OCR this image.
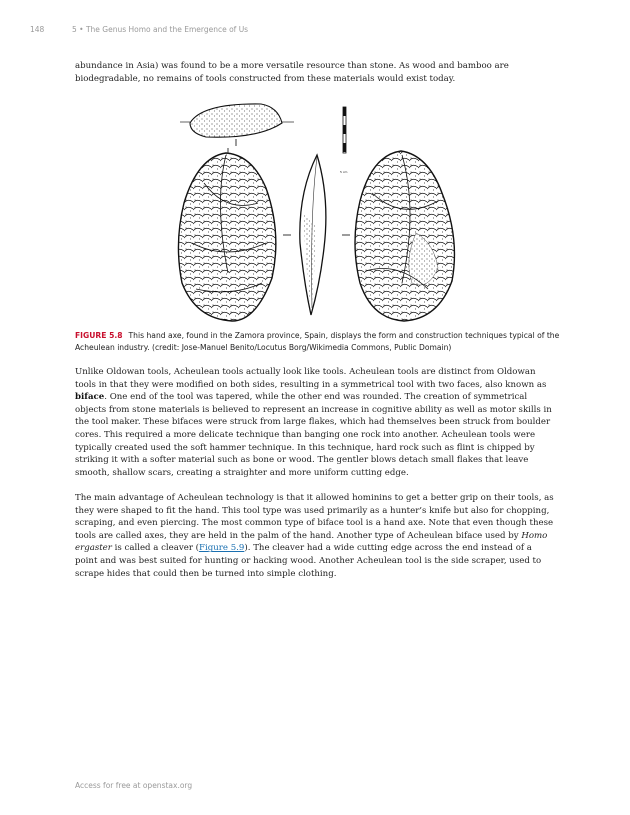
148	5 • The Genus Homo and the Emergence of Us

abundance in Asia) was found to be a more versatile resource than stone. As wood and bamboo are biodegradable, no remains of tools constructed from these materials would exist today.

5 cm

FIGURE 5.8 This hand axe, found in the Zamora province, Spain, displays the form and construction techniques typical of the Acheulean industry. (credit: Jose-Manuel Benito/Locutus Borg/Wikimedia Commons, Public Domain)

Unlike Oldowan tools, Acheulean tools actually look like tools. Acheulean tools are distinct from Oldowan tools in that they were modified on both sides, resulting in a symmetrical tool with two faces, also known as biface. One end of the tool was tapered, while the other end was rounded. The creation of symmetrical objects from stone materials is believed to represent an increase in cognitive ability as well as motor skills in the tool maker. These bifaces were struck from large flakes, which had themselves been struck from boulder cores. This required a more delicate technique than banging one rock into another. Acheulean tools were typically created used the soft hammer technique. In this technique, hard rock such as flint is chipped by striking it with a softer material such as bone or wood. The gentler blows detach small flakes that leave smooth, shallow scars, creating a straighter and more uniform cutting edge.

The main advantage of Acheulean technology is that it allowed hominins to get a better grip on their tools, as they were shaped to fit the hand. This tool type was used primarily as a hunter’s knife but also for chopping, scraping, and even piercing. The most common type of biface tool is a hand axe. Note that even though these tools are called axes, they are held in the palm of the hand. Another type of Acheulean biface used by Homo ergaster is called a cleaver (Figure 5.9). The cleaver had a wide cutting edge across the end instead of a point and was best suited for hunting or hacking wood. Another Acheulean tool is the side scraper, used to scrape hides that could then be turned into simple clothing.

Access for free at openstax.org
